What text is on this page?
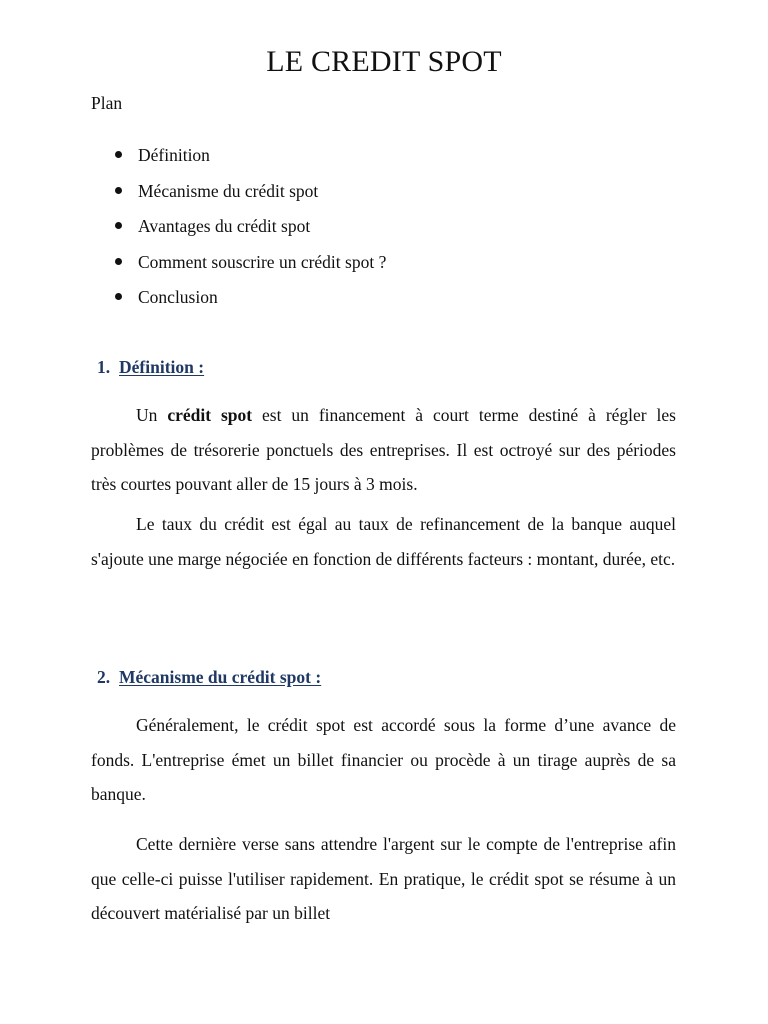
LE CREDIT SPOT

Plan

Définition
Mécanisme du crédit spot
Avantages du crédit spot
Comment souscrire un crédit spot ?
Conclusion
1. Définition :

Un crédit spot est un financement à court terme destiné à régler les problèmes de trésorerie ponctuels des entreprises. Il est octroyé sur des périodes très courtes pouvant aller de 15 jours à 3 mois.

Le taux du crédit est égal au taux de refinancement de la banque auquel s'ajoute une marge négociée en fonction de différents facteurs : montant, durée, etc.

2. Mécanisme du crédit spot :

Généralement, le crédit spot est accordé sous la forme d’une avance de fonds. L'entreprise émet un billet financier ou procède à un tirage auprès de sa banque.

Cette dernière verse sans attendre l'argent sur le compte de l'entreprise afin que celle-ci puisse l'utiliser rapidement. En pratique, le crédit spot se résume à un découvert matérialisé par un billet
